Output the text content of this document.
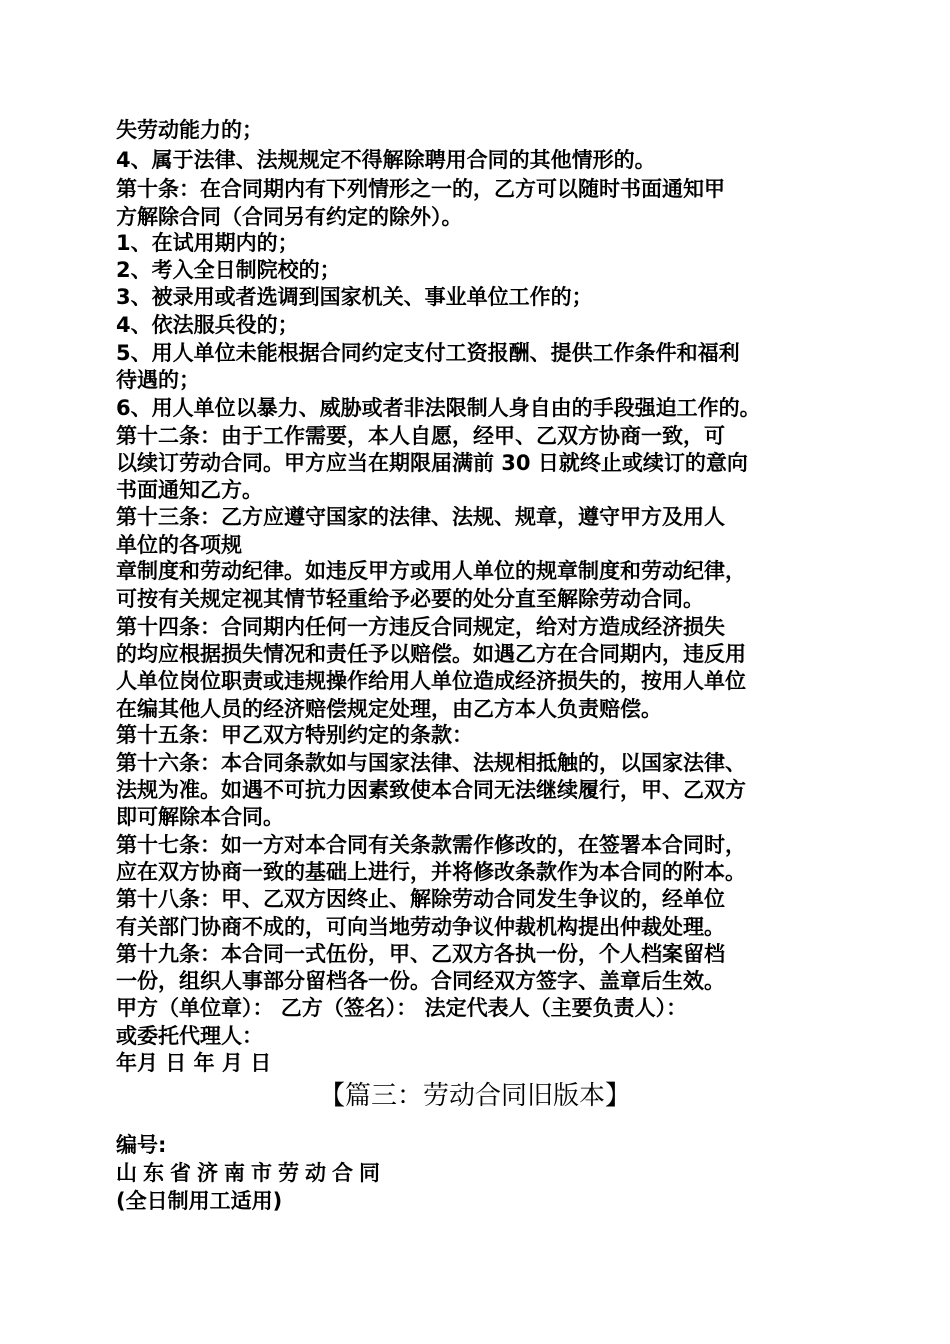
失劳动能力的；
4、属于法律、法规规定不得解除聘用合同的其他情形的。
第十条：在合同期内有下列情形之一的，乙方可以随时书面通知甲
方解除合同（合同另有约定的除外）。
1、在试用期内的；
2、考入全日制院校的；
3、被录用或者选调到国家机关、事业单位工作的；
4、依法服兵役的；
5、用人单位未能根据合同约定支付工资报酬、提供工作条件和福利
待遇的；
6、用人单位以暴力、威胁或者非法限制人身自由的手段强迫工作的。
第十二条：由于工作需要，本人自愿，经甲、乙双方协商一致，可
以续订劳动合同。甲方应当在期限届满前 30 日就终止或续订的意向
书面通知乙方。
第十三条：乙方应遵守国家的法律、法规、规章，遵守甲方及用人
单位的各项规
章制度和劳动纪律。如违反甲方或用人单位的规章制度和劳动纪律，
可按有关规定视其情节轻重给予必要的处分直至解除劳动合同。
第十四条：合同期内任何一方违反合同规定，给对方造成经济损失
的均应根据损失情况和责任予以赔偿。如遇乙方在合同期内，违反用
人单位岗位职责或违规操作给用人单位造成经济损失的，按用人单位
在编其他人员的经济赔偿规定处理，由乙方本人负责赔偿。
第十五条：甲乙双方特别约定的条款：
第十六条：本合同条款如与国家法律、法规相抵触的，以国家法律、
法规为准。如遇不可抗力因素致使本合同无法继续履行，甲、乙双方
即可解除本合同。
第十七条：如一方对本合同有关条款需作修改的，在签署本合同时，
应在双方协商一致的基础上进行，并将修改条款作为本合同的附本。
第十八条：甲、乙双方因终止、解除劳动合同发生争议的，经单位
有关部门协商不成的，可向当地劳动争议仲裁机构提出仲裁处理。
第十九条：本合同一式伍份，甲、乙双方各执一份，个人档案留档
一份，组织人事部分留档各一份。合同经双方签字、盖章后生效。
甲方（单位章）： 乙方（签名）： 法定代表人（主要负责人）：
或委托代理人：
年月 日 年 月 日
【篇三：劳动合同旧版本】
编号:
山东省济南市劳动合同
(全日制用工适用)
